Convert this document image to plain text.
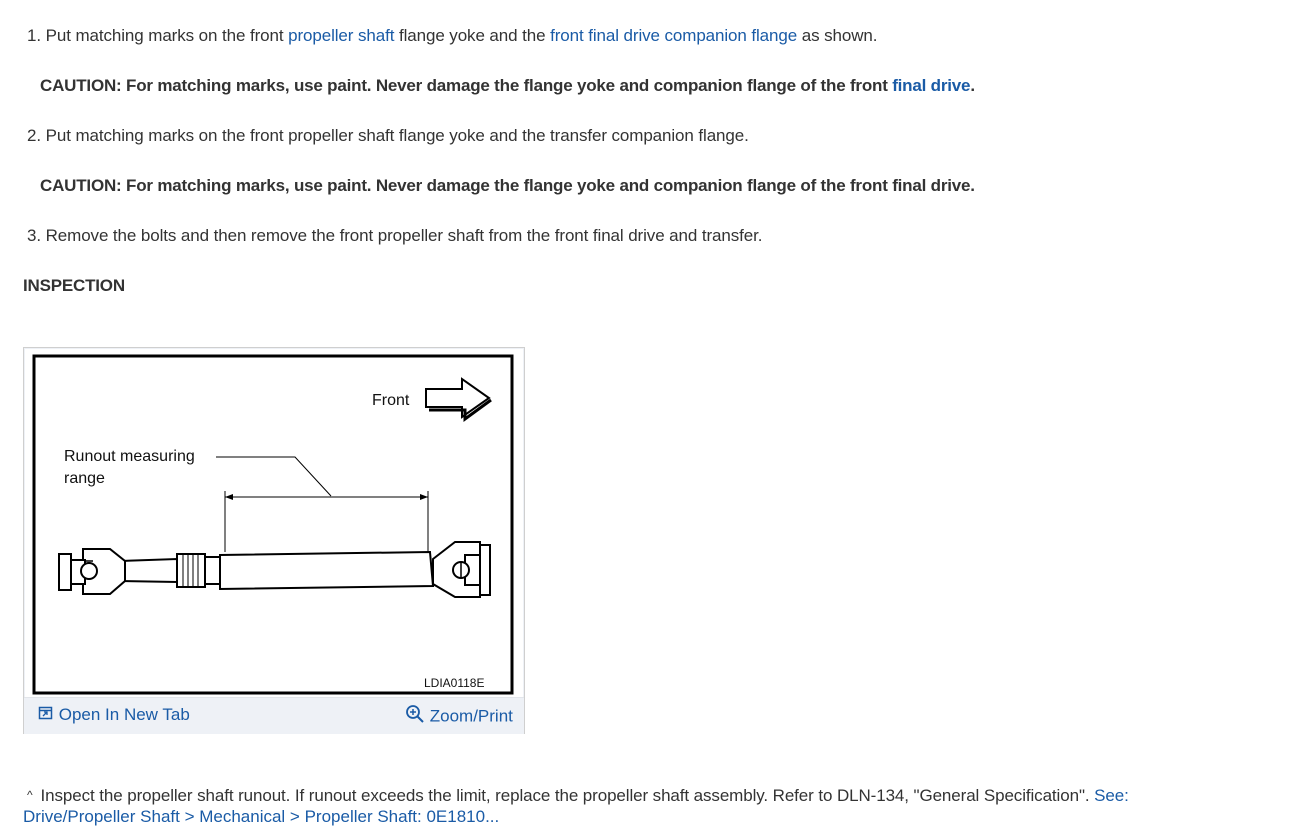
1. Put matching marks on the front propeller shaft flange yoke and the front final drive companion flange as shown.
CAUTION: For matching marks, use paint. Never damage the flange yoke and companion flange of the front final drive.
2. Put matching marks on the front propeller shaft flange yoke and the transfer companion flange.
CAUTION: For matching marks, use paint. Never damage the flange yoke and companion flange of the front final drive.
3. Remove the bolts and then remove the front propeller shaft from the front final drive and transfer.
INSPECTION
Front
Runout measuring
range
LDIA0118E
Open In New Tab	Zoom/Print
^ Inspect the propeller shaft runout. If runout exceeds the limit, replace the propeller shaft assembly. Refer to DLN-134, "General Specification". See:
Drive/Propeller Shaft > Mechanical > Propeller Shaft: 0E1810...
